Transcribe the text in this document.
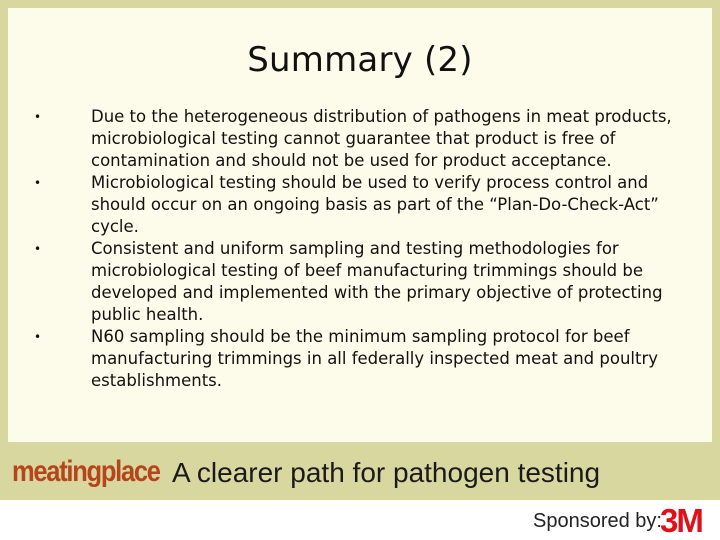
Summary (2)
•	Due to the heterogeneous distribution of pathogens in meat products, microbiological testing cannot guarantee that product is free of contamination and should not be used for product acceptance.
•	Microbiological testing should be used to verify process control and should occur on an ongoing basis as part of the “Plan-Do-Check-Act” cycle.
•	Consistent and uniform sampling and testing methodologies for microbiological testing of beef manufacturing trimmings should be developed and implemented with the primary objective of protecting public health.
•	N60 sampling should be the minimum sampling protocol for beef manufacturing trimmings in all federally inspected meat and poultry establishments.
meatingplace A clearer path for pathogen testing
Sponsored by:
3M
